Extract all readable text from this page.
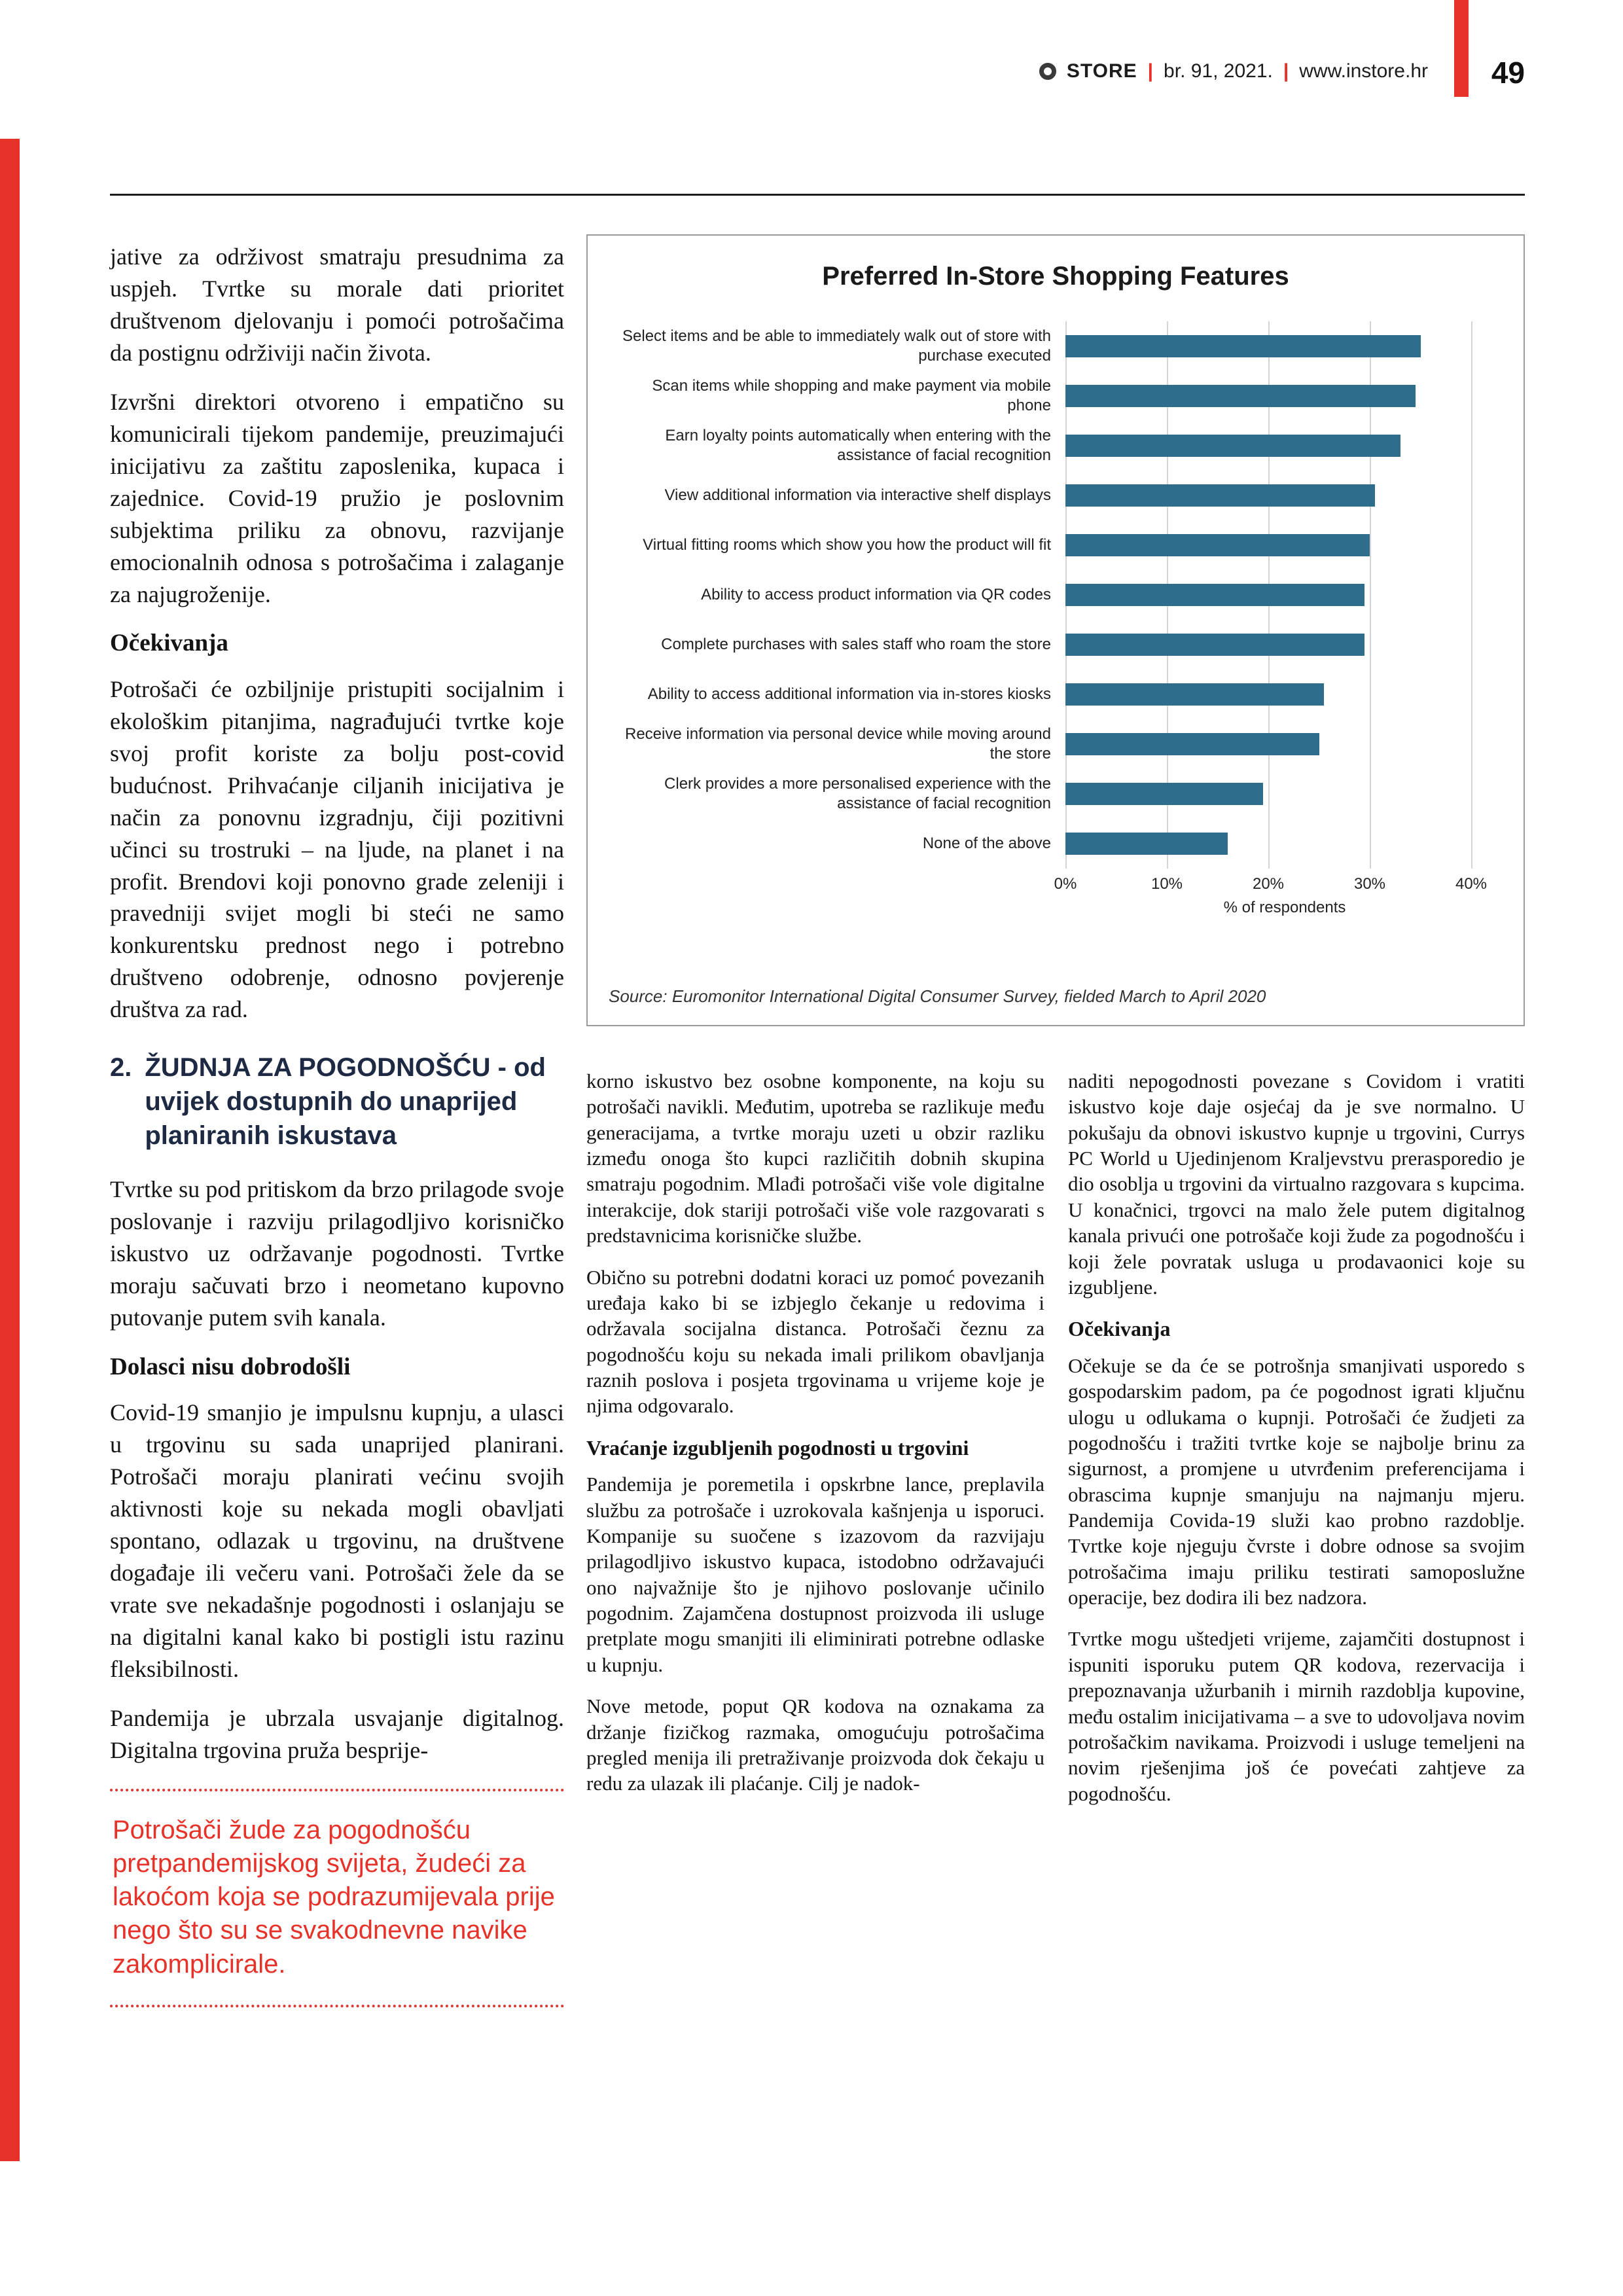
STORE | br. 91, 2021. | www.instore.hr 49
Preferred In-Store Shopping Features
Select items and be able to immediately walk out of store with purchase executed
Scan items while shopping and make payment via mobile phone
Earn loyalty points automatically when entering with the assistance of facial recognition
View additional information via interactive shelf displays
Virtual fitting rooms which show you how the product will fit
Ability to access product information via QR codes
Complete purchases with sales staff who roam the store
Ability to access additional information via in-stores kiosks
Receive information via personal device while moving around the store
Clerk provides a more personalised experience with the assistance of facial recognition
None of the above
0%	10%	20%	30%	40%
% of respondents
Source: Euromonitor International Digital Consumer Survey, fielded March to April 2020

jative za održivost smatraju presudnima za uspjeh. Tvrtke su morale dati prioritet društvenom djelovanju i pomoći potrošačima da postignu održiviji način života.

Izvršni direktori otvoreno i empatično su komunicirali tijekom pandemije, preuzimajući inicijativu za zaštitu zaposlenika, kupaca i zajednice. Covid-19 pružio je poslovnim subjektima priliku za obnovu, razvijanje emocionalnih odnosa s potrošačima i zalaganje za najugroženije.

Očekivanja

Potrošači će ozbiljnije pristupiti socijalnim i ekološkim pitanjima, nagrađujući tvrtke koje svoj profit koriste za bolju post-covid budućnost. Prihvaćanje ciljanih inicijativa je način za ponovnu izgradnju, čiji pozitivni učinci su trostruki – na ljude, na planet i na profit. Brendovi koji ponovno grade zeleniji i pravedniji svijet mogli bi steći ne samo konkurentsku prednost nego i potrebno društveno odobrenje, odnosno povjerenje društva za rad.

2. ŽUDNJA ZA POGODNOŠĆU - od uvijek dostupnih do unaprijed planiranih iskustava

Tvrtke su pod pritiskom da brzo prilagode svoje poslovanje i razviju prilagodljivo korisničko iskustvo uz održavanje pogodnosti. Tvrtke moraju sačuvati brzo i neometano kupovno putovanje putem svih kanala.

Dolasci nisu dobrodošli

Covid-19 smanjio je impulsnu kupnju, a ulasci u trgovinu su sada unaprijed planirani. Potrošači moraju planirati većinu svojih aktivnosti koje su nekada mogli obavljati spontano, odlazak u trgovinu, na društvene događaje ili večeru vani. Potrošači žele da se vrate sve nekadašnje pogodnosti i oslanjaju se na digitalni kanal kako bi postigli istu razinu fleksibilnosti.

Pandemija je ubrzala usvajanje digitalnog. Digitalna trgovina pruža besprije-

Potrošači žude za pogodnošću pretpandemijskog svijeta, žudeći za lakoćom koja se podrazumijevala prije nego što su se svakodnevne navike zakomplicirale.

korno iskustvo bez osobne komponente, na koju su potrošači navikli. Međutim, upotreba se razlikuje među generacijama, a tvrtke moraju uzeti u obzir razliku između onoga što kupci različitih dobnih skupina smatraju pogodnim. Mlađi potrošači više vole digitalne interakcije, dok stariji potrošači više vole razgovarati s predstavnicima korisničke službe.

Obično su potrebni dodatni koraci uz pomoć povezanih uređaja kako bi se izbjeglo čekanje u redovima i održavala socijalna distanca. Potrošači čeznu za pogodnošću koju su nekada imali prilikom obavljanja raznih poslova i posjeta trgovinama u vrijeme koje je njima odgovaralo.

Vraćanje izgubljenih pogodnosti u trgovini

Pandemija je poremetila i opskrbne lance, preplavila službu za potrošače i uzrokovala kašnjenja u isporuci. Kompanije su suočene s izazovom da razvijaju prilagodljivo iskustvo kupaca, istodobno održavajući ono najvažnije što je njihovo poslovanje učinilo pogodnim. Zajamčena dostupnost proizvoda ili usluge pretplate mogu smanjiti ili eliminirati potrebne odlaske u kupnju.

Nove metode, poput QR kodova na oznakama za držanje fizičkog razmaka, omogućuju potrošačima pregled menija ili pretraživanje proizvoda dok čekaju u redu za ulazak ili plaćanje. Cilj je nadok-

naditi nepogodnosti povezane s Covidom i vratiti iskustvo koje daje osjećaj da je sve normalno. U pokušaju da obnovi iskustvo kupnje u trgovini, Currys PC World u Ujedinjenom Kraljevstvu prerasporedio je dio osoblja u trgovini da virtualno razgovara s kupcima. U konačnici, trgovci na malo žele putem digitalnog kanala privući one potrošače koji žude za pogodnošću i koji žele povratak usluga u prodavaonici koje su izgubljene.

Očekivanja

Očekuje se da će se potrošnja smanjivati usporedo s gospodarskim padom, pa će pogodnost igrati ključnu ulogu u odlukama o kupnji. Potrošači će žudjeti za pogodnošću i tražiti tvrtke koje se najbolje brinu za sigurnost, a promjene u utvrđenim preferencijama i obrascima kupnje smanjuju na najmanju mjeru. Pandemija Covida-19 služi kao probno razdoblje. Tvrtke koje njeguju čvrste i dobre odnose sa svojim potrošačima imaju priliku testirati samoposlužne operacije, bez dodira ili bez nadzora.

Tvrtke mogu uštedjeti vrijeme, zajamčiti dostupnost i ispuniti isporuku putem QR kodova, rezervacija i prepoznavanja užurbanih i mirnih razdoblja kupovine, među ostalim inicijativama – a sve to udovoljava novim potrošačkim navikama. Proizvodi i usluge temeljeni na novim rješenjima još će povećati zahtjeve za pogodnošću.
